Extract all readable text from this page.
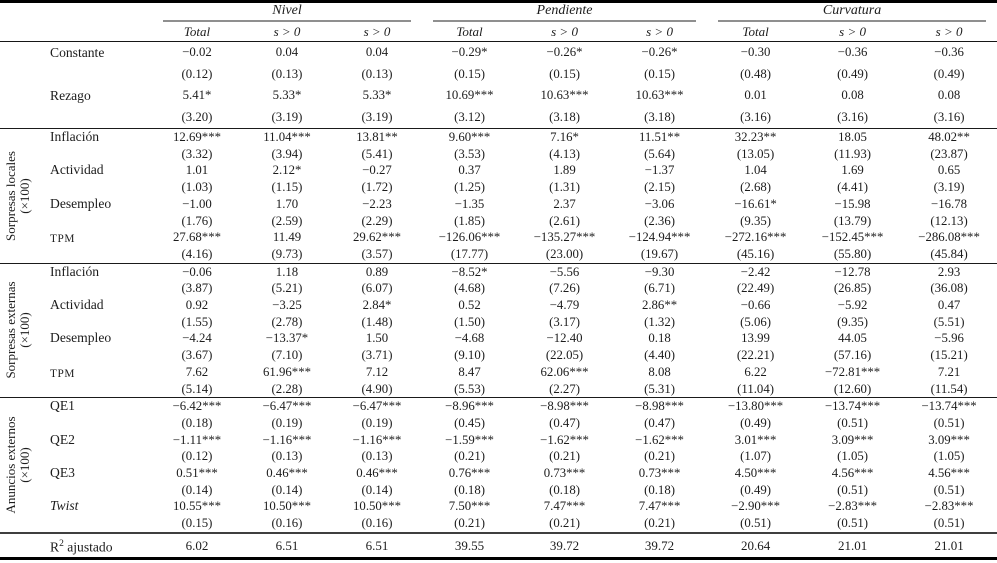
		Nivel			Pendiente			Curvatura		

		Total	s > 0	s > 0	Total	s > 0	s > 0	Total	s > 0	s > 0
	Constante	−0.02	0.04	0.04	−0.29*	−0.26*	−0.26*	−0.30	−0.36	−0.36
		(0.12)	(0.13)	(0.13)	(0.15)	(0.15)	(0.15)	(0.48)	(0.49)	(0.49)
	Rezago	5.41*	5.33*	5.33*	10.69***	10.63***	10.63***	0.01	0.08	0.08
		(3.20)	(3.19)	(3.19)	(3.12)	(3.18)	(3.18)	(3.16)	(3.16)	(3.16)

Sorpresas locales (×100)	Inflación	12.69***	11.04***	13.81**	9.60***	7.16*	11.51**	32.23**	18.05	48.02**
		(3.32)	(3.94)	(5.41)	(3.53)	(4.13)	(5.64)	(13.05)	(11.93)	(23.87)
	Actividad	1.01	2.12*	−0.27	0.37	1.89	−1.37	1.04	1.69	0.65
		(1.03)	(1.15)	(1.72)	(1.25)	(1.31)	(2.15)	(2.68)	(4.41)	(3.19)
	Desempleo	−1.00	1.70	−2.23	−1.35	2.37	−3.06	−16.61*	−15.98	−16.78
		(1.76)	(2.59)	(2.29)	(1.85)	(2.61)	(2.36)	(9.35)	(13.79)	(12.13)
	TPM	27.68***	11.49	29.62***	−126.06***	−135.27***	−124.94***	−272.16***	−152.45***	−286.08***
		(4.16)	(9.73)	(3.57)	(17.77)	(23.00)	(19.67)	(45.16)	(55.80)	(45.84)

Sorpresas externas (×100)	Inflación	−0.06	1.18	0.89	−8.52*	−5.56	−9.30	−2.42	−12.78	2.93
		(3.87)	(5.21)	(6.07)	(4.68)	(7.26)	(6.71)	(22.49)	(26.85)	(36.08)
	Actividad	0.92	−3.25	2.84*	0.52	−4.79	2.86**	−0.66	−5.92	0.47
		(1.55)	(2.78)	(1.48)	(1.50)	(3.17)	(1.32)	(5.06)	(9.35)	(5.51)
	Desempleo	−4.24	−13.37*	1.50	−4.68	−12.40	0.18	13.99	44.05	−5.96
		(3.67)	(7.10)	(3.71)	(9.10)	(22.05)	(4.40)	(22.21)	(57.16)	(15.21)
	TPM	7.62	61.96***	7.12	8.47	62.06***	8.08	6.22	−72.81***	7.21
		(5.14)	(2.28)	(4.90)	(5.53)	(2.27)	(5.31)	(11.04)	(12.60)	(11.54)

Anuncios externos (×100)	QE1	−6.42***	−6.47***	−6.47***	−8.96***	−8.98***	−8.98***	−13.80***	−13.74***	−13.74***
		(0.18)	(0.19)	(0.19)	(0.45)	(0.47)	(0.47)	(0.49)	(0.51)	(0.51)
	QE2	−1.11***	−1.16***	−1.16***	−1.59***	−1.62***	−1.62***	3.01***	3.09***	3.09***
		(0.12)	(0.13)	(0.13)	(0.21)	(0.21)	(0.21)	(1.07)	(1.05)	(1.05)
	QE3	0.51***	0.46***	0.46***	0.76***	0.73***	0.73***	4.50***	4.56***	4.56***
		(0.14)	(0.14)	(0.14)	(0.18)	(0.18)	(0.18)	(0.49)	(0.51)	(0.51)
	Twist	10.55***	10.50***	10.50***	7.50***	7.47***	7.47***	−2.90***	−2.83***	−2.83***
		(0.15)	(0.16)	(0.16)	(0.21)	(0.21)	(0.21)	(0.51)	(0.51)	(0.51)
	$R^2$ ajustado	6.02	6.51	6.51	39.55	39.72	39.72	20.64	21.01	21.01
